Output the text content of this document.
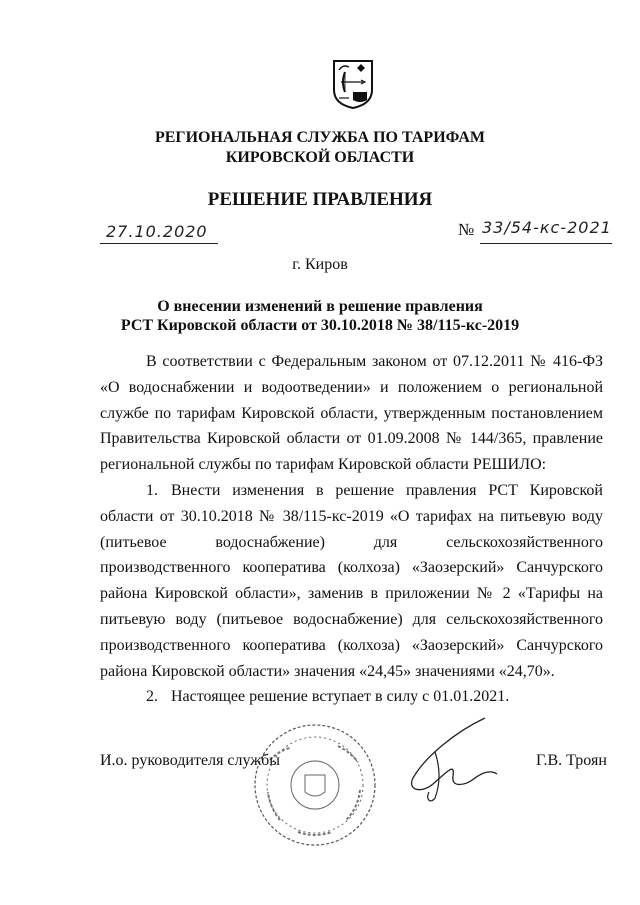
РЕГИОНАЛЬНАЯ СЛУЖБА ПО ТАРИФАМ
КИРОВСКОЙ ОБЛАСТИ
РЕШЕНИЕ ПРАВЛЕНИЯ
27.10.2020	№ 33/54-кс-2021
г. Киров
О внесении изменений в решение правления
РСТ Кировской области от 30.10.2018 № 38/115-кс-2019

В соответствии с Федеральным законом от 07.12.2011 № 416-ФЗ «О водоснабжении и водоотведении» и положением о региональной службе по тарифам Кировской области, утвержденным постановлением Правительства Кировской области от 01.09.2008 № 144/365, правление региональной службы по тарифам Кировской области РЕШИЛО:

1. Внести изменения в решение правления РСТ Кировской области от 30.10.2018 № 38/115-кс-2019 «О тарифах на питьевую воду (питьевое водоснабжение) для сельскохозяйственного производственного кооператива (колхоза) «Заозерский» Санчурского района Кировской области», заменив в приложении № 2 «Тарифы на питьевую воду (питьевое водоснабжение) для сельскохозяйственного производственного кооператива (колхоза) «Заозерский» Санчурского района Кировской области» значения «24,45» значениями «24,70».

2. Настоящее решение вступает в силу с 01.01.2021.

И.о. руководителя службы	Г.В. Троян
